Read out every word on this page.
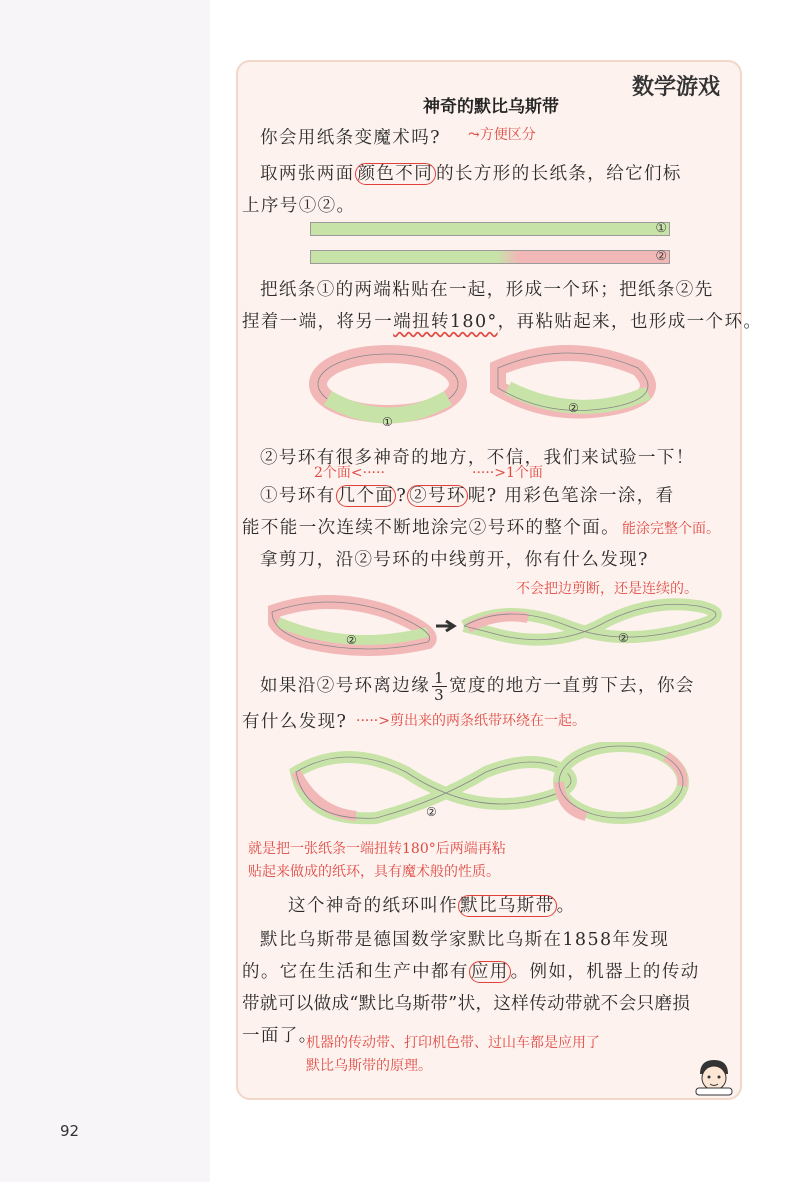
数学游戏
神奇的默比乌斯带
你会用纸条变魔术吗? ⤳方便区分
取两张两面 颜色不同 的长方形的长纸条，给它们标
上序号①②。
①
②
把纸条①的两端粘贴在一起，形成一个环；把纸条②先
捏着一端，将另一端扭转180°，再粘贴起来，也形成一个环。
①
②
②号环有很多神奇的地方，不信，我们来试验一下！
2个面<·····	·····>1个面
①号环有 几个面 ? ②号环 呢? 用彩色笔涂一涂，看
能不能一次连续不断地涂完②号环的整个面。 能涂完整个面。
拿剪刀，沿②号环的中线剪开，你有什么发现?
不会把边剪断，还是连续的。
②	②
如果沿②号环离边缘 $\frac{1}{3}$ 宽度的地方一直剪下去，你会
有什么发现? ·····>剪出来的两条纸带环绕在一起。
②
就是把一张纸条一端扭转180°后两端再粘
贴起来做成的纸环，具有魔术般的性质。
这个神奇的纸环叫作 默比乌斯带 。
默比乌斯带是德国数学家默比乌斯在1858年发现
的。它在生活和生产中都有 应用 。例如，机器上的传动
带就可以做成“默比乌斯带”状，这样传动带就不会只磨损
一面了。
机器的传动带、打印机色带、过山车都是应用了
默比乌斯带的原理。
92
